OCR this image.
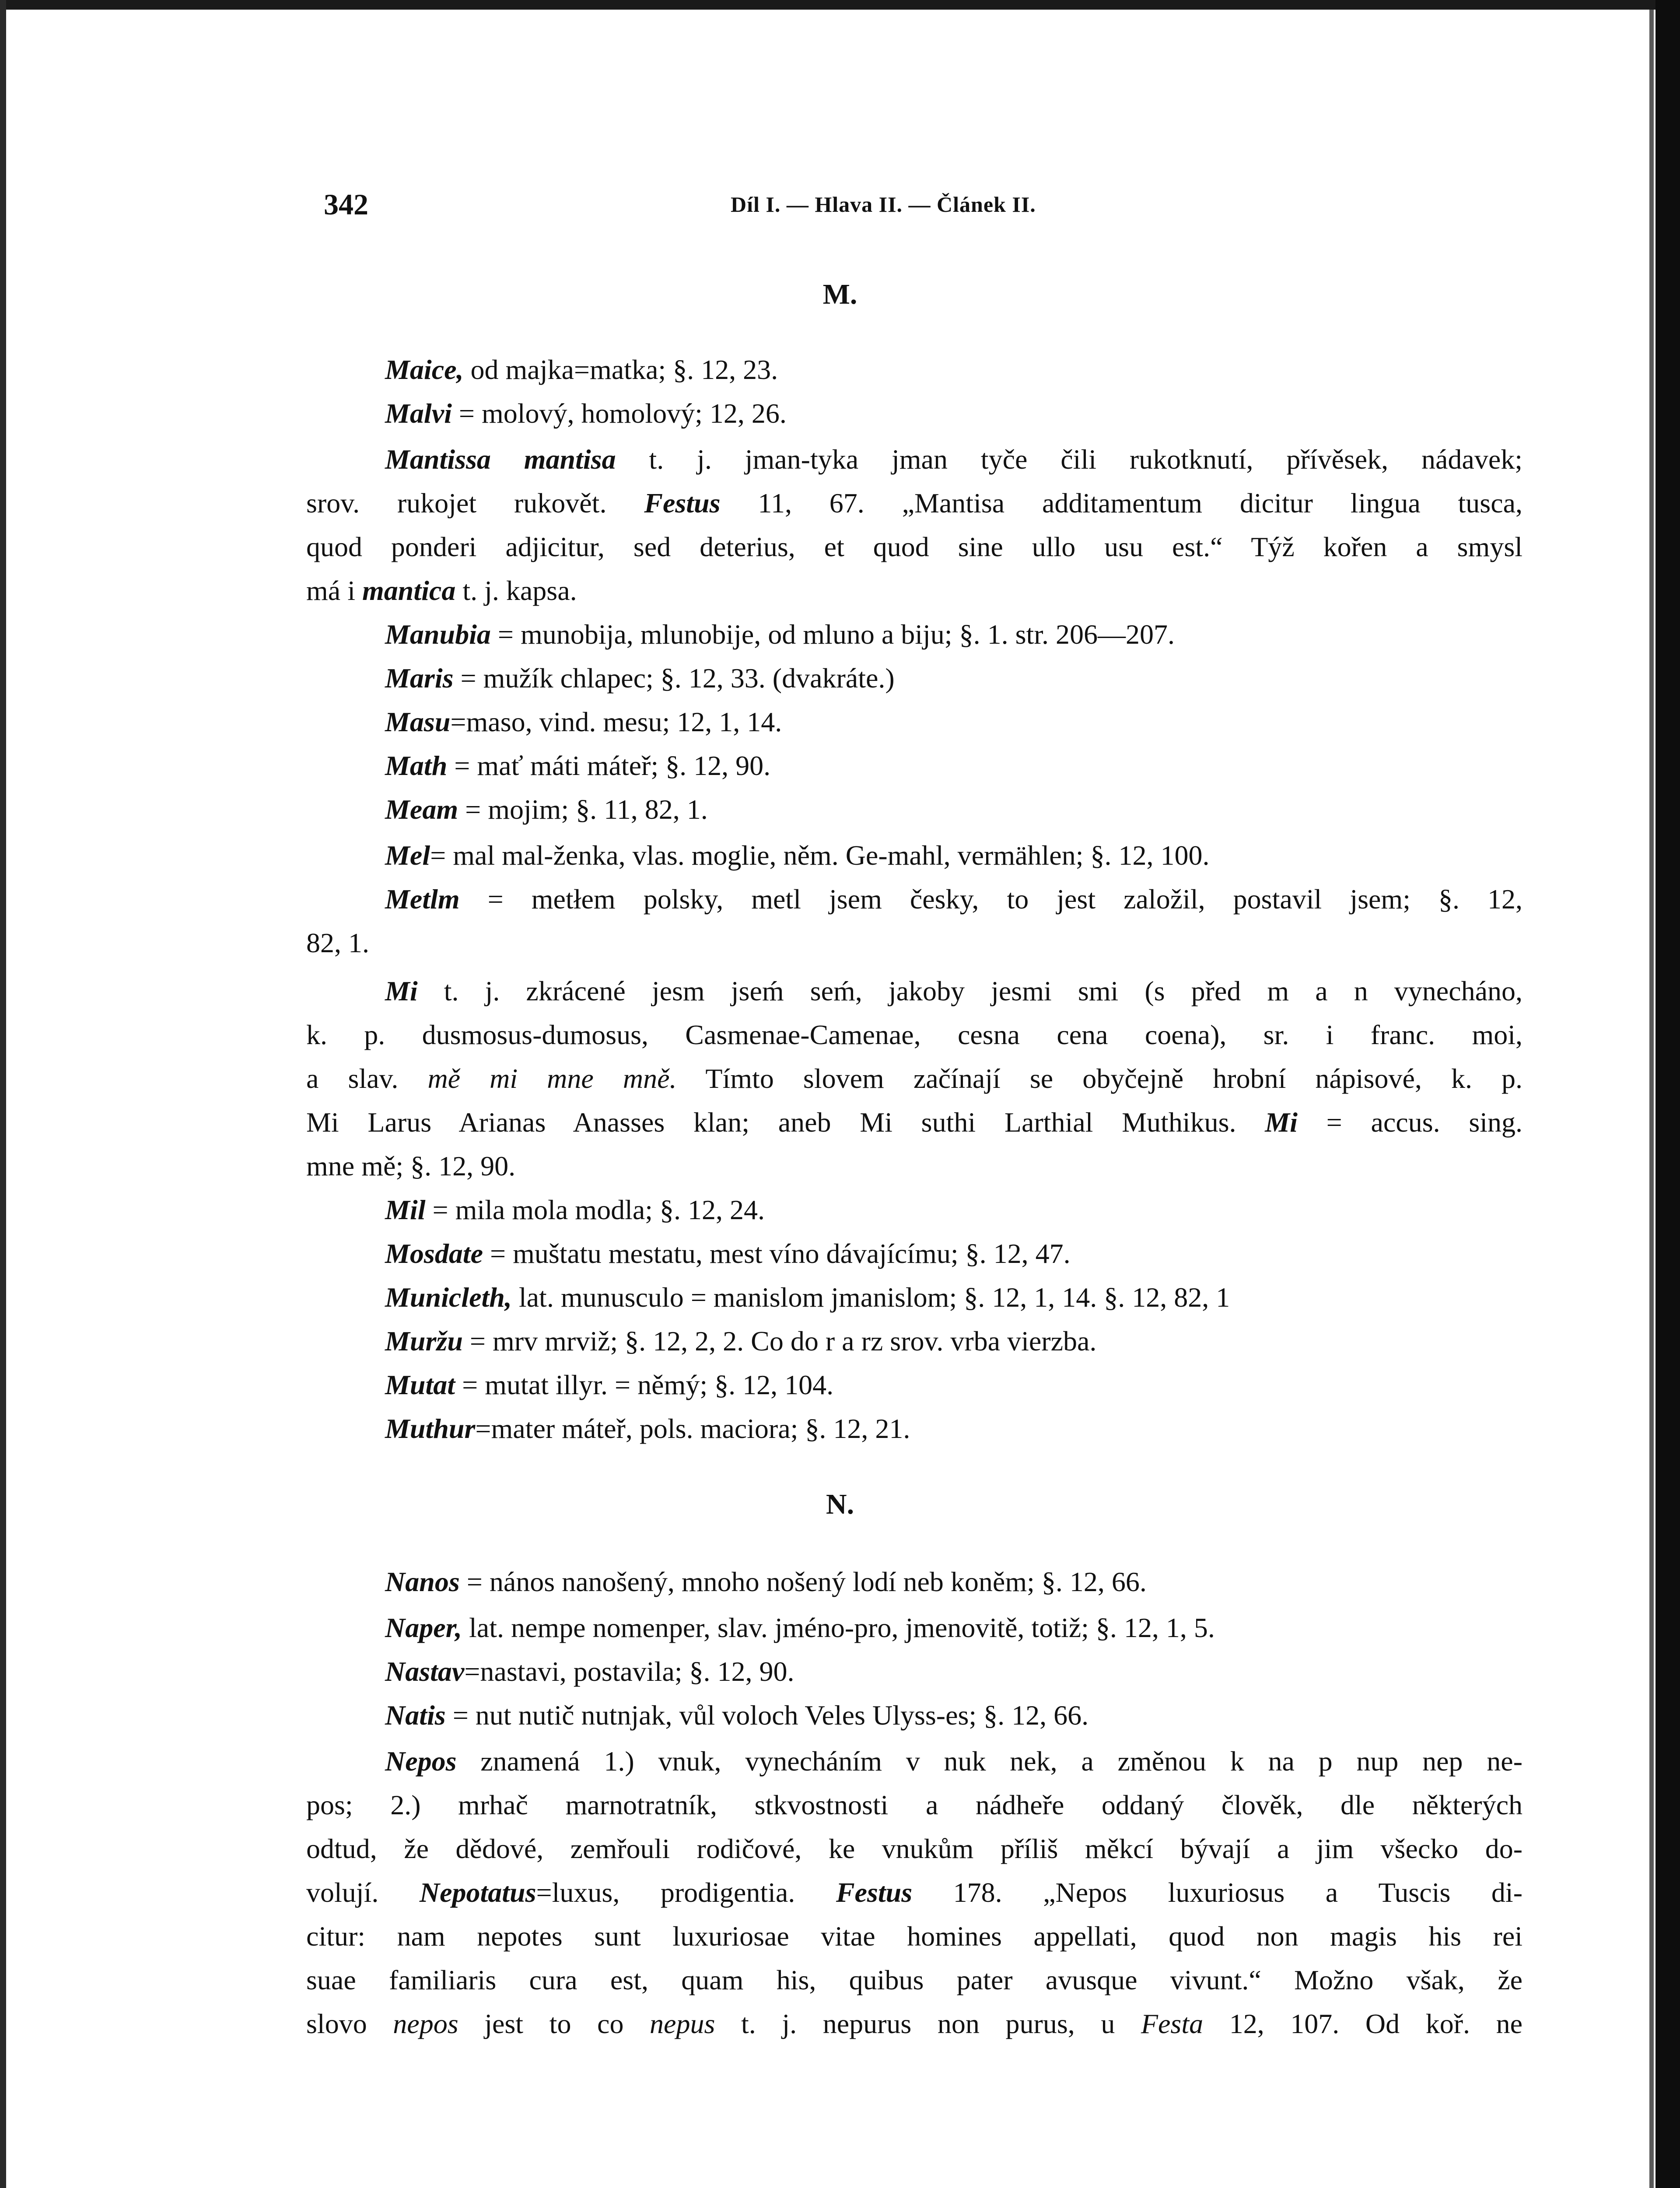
342	Díl I. — Hlava II. — Článek II.
M.
Maice, od majka=matka; §. 12, 23.
Malvi = molový, homolový; 12, 26.
Mantissa mantisa t. j. jman-tyka jman tyče čili rukotknutí, přívěsek, nádavek;
srov. rukojet rukovět. Festus 11, 67. „Mantisa additamentum dicitur lingua tusca,
quod ponderi adjicitur, sed deterius, et quod sine ullo usu est.“ Týž kořen a smysl
má i mantica t. j. kapsa.
Manubia = munobija, mlunobije, od mluno a biju; §. 1. str. 206—207.
Maris = mužík chlapec; §. 12, 33. (dvakráte.)
Masu=maso, vind. mesu; 12, 1, 14.
Math = mať máti máteř; §. 12, 90.
Meam = mojim; §. 11, 82, 1.
Mel= mal mal-ženka, vlas. moglie, něm. Ge-mahl, vermählen; §. 12, 100.
Metlm = metłem polsky, metl jsem česky, to jest založil, postavil jsem; §. 12,
82, 1.
Mi t. j. zkrácené jesm jseḿ seḿ, jakoby jesmi smi (s před m a n vynecháno,
k. p. dusmosus-dumosus, Casmenae-Camenae, cesna cena coena), sr. i franc. moi,
a slav. mě mi mne mně. Tímto slovem začínají se obyčejně hrobní nápisové, k. p.
Mi Larus Arianas Anasses klan; aneb Mi suthi Larthial Muthikus. Mi = accus. sing.
mne mě; §. 12, 90.
Mil = mila mola modla; §. 12, 24.
Mosdate = muštatu mestatu, mest víno dávajícímu; §. 12, 47.
Municleth, lat. munusculo = manislom jmanislom; §. 12, 1, 14. §. 12, 82, 1
Muržu = mrv mrviž; §. 12, 2, 2. Co do r a rz srov. vrba vierzba.
Mutat = mutat illyr. = němý; §. 12, 104.
Muthur=mater máteř, pols. maciora; §. 12, 21.
N.
Nanos = nános nanošený, mnoho nošený lodí neb koněm; §. 12, 66.
Naper, lat. nempe nomenper, slav. jméno-pro, jmenovitě, totiž; §. 12, 1, 5.
Nastav=nastavi, postavila; §. 12, 90.
Natis = nut nutič nutnjak, vůl voloch Veles Ulyss-es; §. 12, 66.
Nepos znamená 1.) vnuk, vynecháním v nuk nek, a změnou k na p nup nep ne-
pos; 2.) mrhač marnotratník, stkvostnosti a nádheře oddaný člověk, dle některých
odtud, že dědové, zemřouli rodičové, ke vnukům příliš měkcí bývají a jim všecko do-
volují. Nepotatus=luxus, prodigentia. Festus 178. „Nepos luxuriosus a Tuscis di-
citur: nam nepotes sunt luxuriosae vitae homines appellati, quod non magis his rei
suae familiaris cura est, quam his, quibus pater avusque vivunt.“ Možno však, že
slovo nepos jest to co nepus t. j. nepurus non purus, u Festa 12, 107. Od koř. ne
